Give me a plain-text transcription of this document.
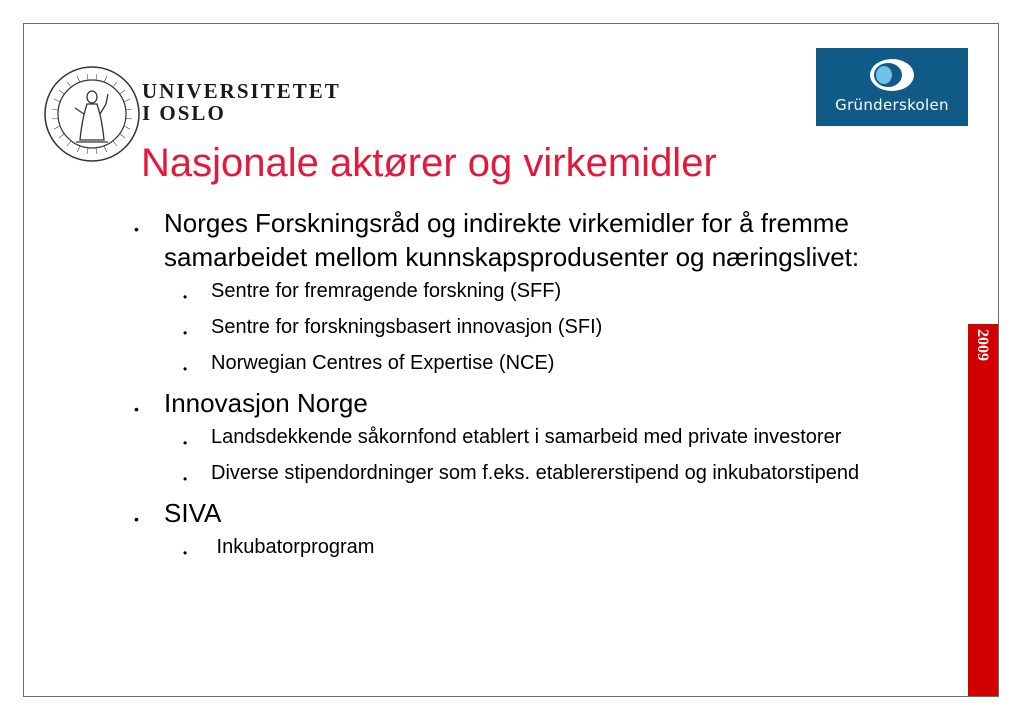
UNIVERSITETET
I OSLO	Gründerskolen
Nasjonale aktører og virkemidler
• Norges Forskningsråd og indirekte virkemidler for å fremme samarbeidet mellom kunnskapsprodusenter og næringslivet:
• Sentre for fremragende forskning (SFF)
• Sentre for forskningsbasert innovasjon (SFI)
• Norwegian Centres of Expertise (NCE)
• Innovasjon Norge
• Landsdekkende såkornfond etablert i samarbeid med private investorer
• Diverse stipendordninger som f.eks. etablererstipend og inkubatorstipend
• SIVA
• Inkubatorprogram
2009
